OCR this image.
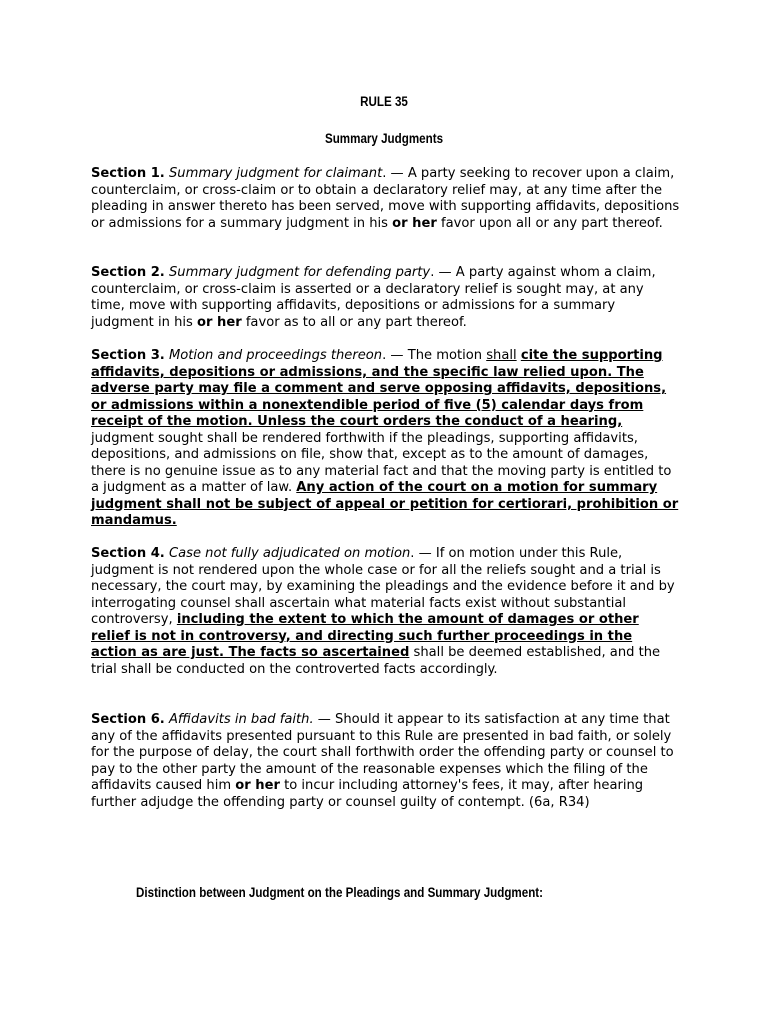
RULE 35
Summary Judgments

Section 1. Summary judgment for claimant. — A party seeking to recover upon a claim, counterclaim, or cross-claim or to obtain a declaratory relief may, at any time after the pleading in answer thereto has been served, move with supporting affidavits, depositions or admissions for a summary judgment in his or her favor upon all or any part thereof.

Section 2. Summary judgment for defending party. — A party against whom a claim, counterclaim, or cross-claim is asserted or a declaratory relief is sought may, at any time, move with supporting affidavits, depositions or admissions for a summary judgment in his or her favor as to all or any part thereof.

Section 3. Motion and proceedings thereon. — The motion shall cite the supporting affidavits, depositions or admissions, and the specific law relied upon. The adverse party may file a comment and serve opposing affidavits, depositions, or admissions within a nonextendible period of five (5) calendar days from receipt of the motion. Unless the court orders the conduct of a hearing, judgment sought shall be rendered forthwith if the pleadings, supporting affidavits, depositions, and admissions on file, show that, except as to the amount of damages, there is no genuine issue as to any material fact and that the moving party is entitled to a judgment as a matter of law. Any action of the court on a motion for summary judgment shall not be subject of appeal or petition for certiorari, prohibition or mandamus.

Section 4. Case not fully adjudicated on motion. — If on motion under this Rule, judgment is not rendered upon the whole case or for all the reliefs sought and a trial is necessary, the court may, by examining the pleadings and the evidence before it and by interrogating counsel shall ascertain what material facts exist without substantial controversy, including the extent to which the amount of damages or other relief is not in controversy, and directing such further proceedings in the action as are just. The facts so ascertained shall be deemed established, and the trial shall be conducted on the controverted facts accordingly.

Section 6. Affidavits in bad faith. — Should it appear to its satisfaction at any time that any of the affidavits presented pursuant to this Rule are presented in bad faith, or solely for the purpose of delay, the court shall forthwith order the offending party or counsel to pay to the other party the amount of the reasonable expenses which the filing of the affidavits caused him or her to incur including attorney's fees, it may, after hearing further adjudge the offending party or counsel guilty of contempt. (6a, R34)

Distinction between Judgment on the Pleadings and Summary Judgment:
